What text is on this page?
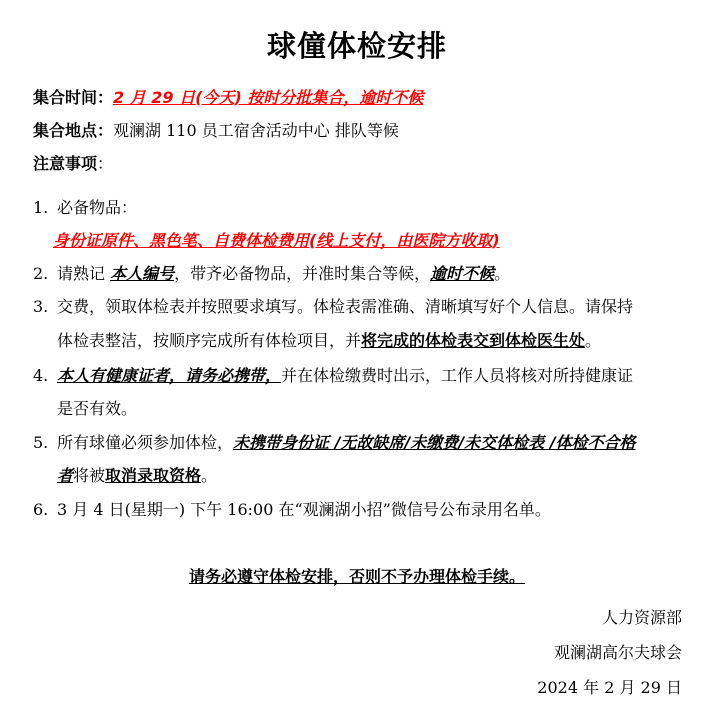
球僮体检安排
集合时间：2 月 29 日(今天) 按时分批集合，逾时不候
集合地点：观澜湖 110 员工宿舍活动中心 排队等候
注意事项：
1. 必备物品：
身份证原件、黑色笔、自费体检费用(线上支付，由医院方收取)
2. 请熟记 本人编号，带齐必备物品，并准时集合等候，逾时不候。
3. 交费，领取体检表并按照要求填写。体检表需准确、清晰填写好个人信息。请保持
体检表整洁，按顺序完成所有体检项目，并将完成的体检表交到体检医生处。
4. 本人有健康证者，请务必携带，并在体检缴费时出示，工作人员将核对所持健康证
是否有效。
5. 所有球僮必须参加体检，未携带身份证 /无故缺席/未缴费/未交体检表 /体检不合格
者将被取消录取资格。
6. 3 月 4 日(星期一) 下午 16:00 在“观澜湖小招”微信号公布录用名单。
请务必遵守体检安排，否则不予办理体检手续。
人力资源部
观澜湖高尔夫球会
2024 年 2 月 29 日
